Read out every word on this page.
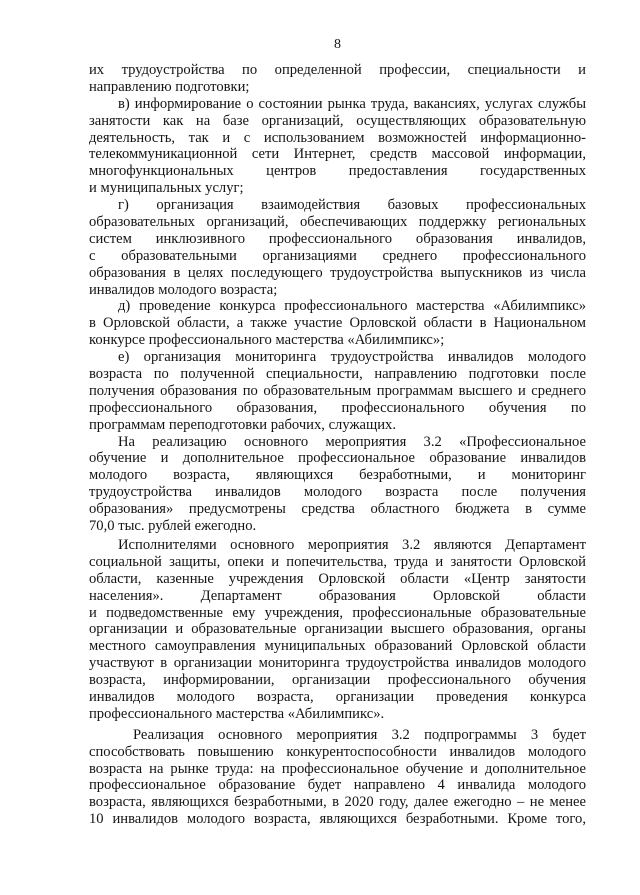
8
их трудоустройства по определенной профессии, специальности и
направлению подготовки;
в) информирование о состоянии рынка труда, вакансиях, услугах службы
занятости как на базе организаций, осуществляющих образовательную
деятельность, так и с использованием возможностей информационно-
телекоммуникационной сети Интернет, средств массовой информации,
многофункциональных центров предоставления государственных
и муниципальных услуг;
г) организация взаимодействия базовых профессиональных
образовательных организаций, обеспечивающих поддержку региональных
систем инклюзивного профессионального образования инвалидов,
с образовательными организациями среднего профессионального
образования в целях последующего трудоустройства выпускников из числа
инвалидов молодого возраста;
д) проведение конкурса профессионального мастерства «Абилимпикс»
в Орловской области, а также участие Орловской области в Национальном
конкурсе профессионального мастерства «Абилимпикс»;
е) организация мониторинга трудоустройства инвалидов молодого
возраста по полученной специальности, направлению подготовки после
получения образования по образовательным программам высшего и среднего
профессионального образования, профессионального обучения по
программам переподготовки рабочих, служащих.
На реализацию основного мероприятия 3.2 «Профессиональное
обучение и дополнительное профессиональное образование инвалидов
молодого возраста, являющихся безработными, и мониторинг
трудоустройства инвалидов молодого возраста после получения
образования» предусмотрены средства областного бюджета в сумме
70,0 тыс. рублей ежегодно.
Исполнителями основного мероприятия 3.2 являются Департамент
социальной защиты, опеки и попечительства, труда и занятости Орловской
области, казенные учреждения Орловской области «Центр занятости
населения». Департамент образования Орловской области
и подведомственные ему учреждения, профессиональные образовательные
организации и образовательные организации высшего образования, органы
местного самоуправления муниципальных образований Орловской области
участвуют в организации мониторинга трудоустройства инвалидов молодого
возраста, информировании, организации профессионального обучения
инвалидов молодого возраста, организации проведения конкурса
профессионального мастерства «Абилимпикс».
Реализация основного мероприятия 3.2 подпрограммы 3 будет
способствовать повышению конкурентоспособности инвалидов молодого
возраста на рынке труда: на профессиональное обучение и дополнительное
профессиональное образование будет направлено 4 инвалида молодого
возраста, являющихся безработными, в 2020 году, далее ежегодно – не менее
10 инвалидов молодого возраста, являющихся безработными. Кроме того,
